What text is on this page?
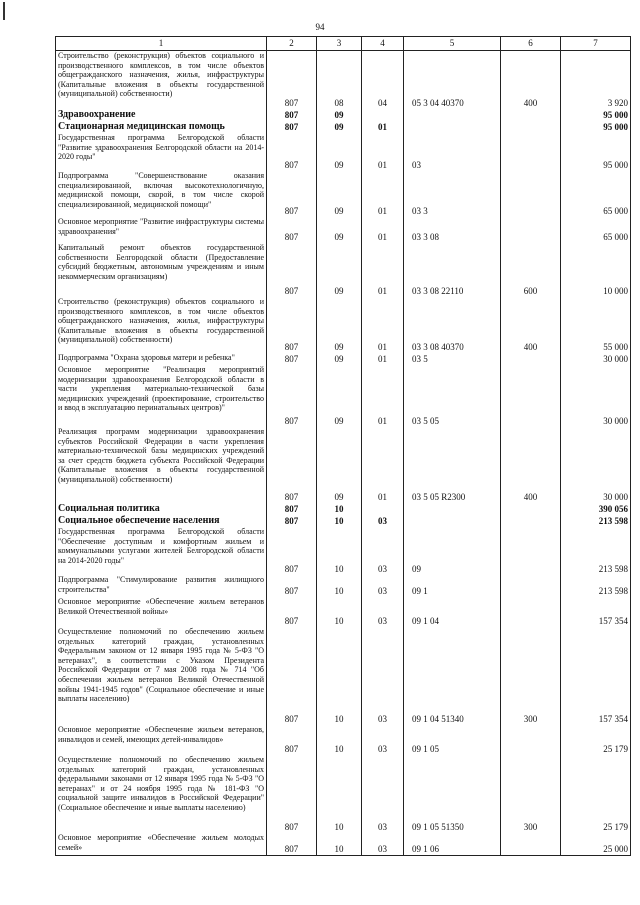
94
1	2	3	4	5	6	7
Строительство (реконструкция) объектов социального и производственного комплексов, в том числе объектов общегражданского назначения, жилья, инфраструктуры (Капитальные вложения в объекты государственной (муниципальной) собственности)	807	08	04	05 3 04 40370	400	3 920
Здравоохранение	807	09				95 000
Стационарная медицинская помощь	807	09	01			95 000
Государственная программа Белгородской области "Развитие здравоохранения Белгородской области на 2014-2020 годы"	807	09	01	03		95 000
Подпрограмма "Совершенствование оказания специализированной, включая высокотехнологичную, медицинской помощи, скорой, в том числе скорой специализированной, медицинской помощи"	807	09	01	03 3		65 000
Основное мероприятие "Развитие инфраструктуры системы здравоохранения"	807	09	01	03 3 08		65 000
Капитальный ремонт объектов государственной собственности Белгородской области (Предоставление субсидий бюджетным, автономным учреждениям и иным некоммерческим организациям)	807	09	01	03 3 08 22110	600	10 000
Строительство (реконструкция) объектов социального и производственного комплексов, в том числе объектов общегражданского назначения, жилья, инфраструктуры (Капитальные вложения в объекты государственной (муниципальной) собственности)	807	09	01	03 3 08 40370	400	55 000
Подпрограмма "Охрана здоровья матери и ребенка"	807	09	01	03 5		30 000
Основное мероприятие "Реализация мероприятий модернизации здравоохранения Белгородской области в части укрепления материально-технической базы медицинских учреждений (проектирование, строительство и ввод в эксплуатацию перинатальных центров)"	807	09	01	03 5 05		30 000
Реализация программ модернизации здравоохранения субъектов Российской Федерации в части укрепления материально-технической базы медицинских учреждений за счет средств бюджета субъекта Российской Федерации (Капитальные вложения в объекты государственной (муниципальной) собственности)	807	09	01	03 5 05 R2300	400	30 000
Социальная политика	807	10				390 056
Социальное обеспечение населения	807	10	03			213 598
Государственная программа Белгородской области "Обеспечение доступным и комфортным жильем и коммунальными услугами жителей Белгородской области на 2014-2020 годы"	807	10	03	09		213 598
Подпрограмма "Стимулирование развития жилищного строительства"	807	10	03	09 1		213 598
Основное мероприятие «Обеспечение жильем ветеранов Великой Отечественной войны»	807	10	03	09 1 04		157 354
Осуществление полномочий по обеспечению жильем отдельных категорий граждан, установленных Федеральным законом от 12 января 1995 года № 5-ФЗ "О ветеранах", в соответствии с Указом Президента Российской Федерации от 7 мая 2008 года № 714 "Об обеспечении жильем ветеранов Великой Отечественной войны 1941-1945 годов" (Социальное обеспечение и иные выплаты населению)	807	10	03	09 1 04 51340	300	157 354
Основное мероприятие «Обеспечение жильем ветеранов, инвалидов и семей, имеющих детей-инвалидов»	807	10	03	09 1 05		25 179
Осуществление полномочий по обеспечению жильем отдельных категорий граждан, установленных федеральными законами от 12 января 1995 года № 5-ФЗ "О ветеранах" и от 24 ноября 1995 года № 181-ФЗ "О социальной защите инвалидов в Российской Федерации" (Социальное обеспечение и иные выплаты населению)	807	10	03	09 1 05 51350	300	25 179
Основное мероприятие «Обеспечение жильем молодых семей»	807	10	03	09 1 06		25 000
